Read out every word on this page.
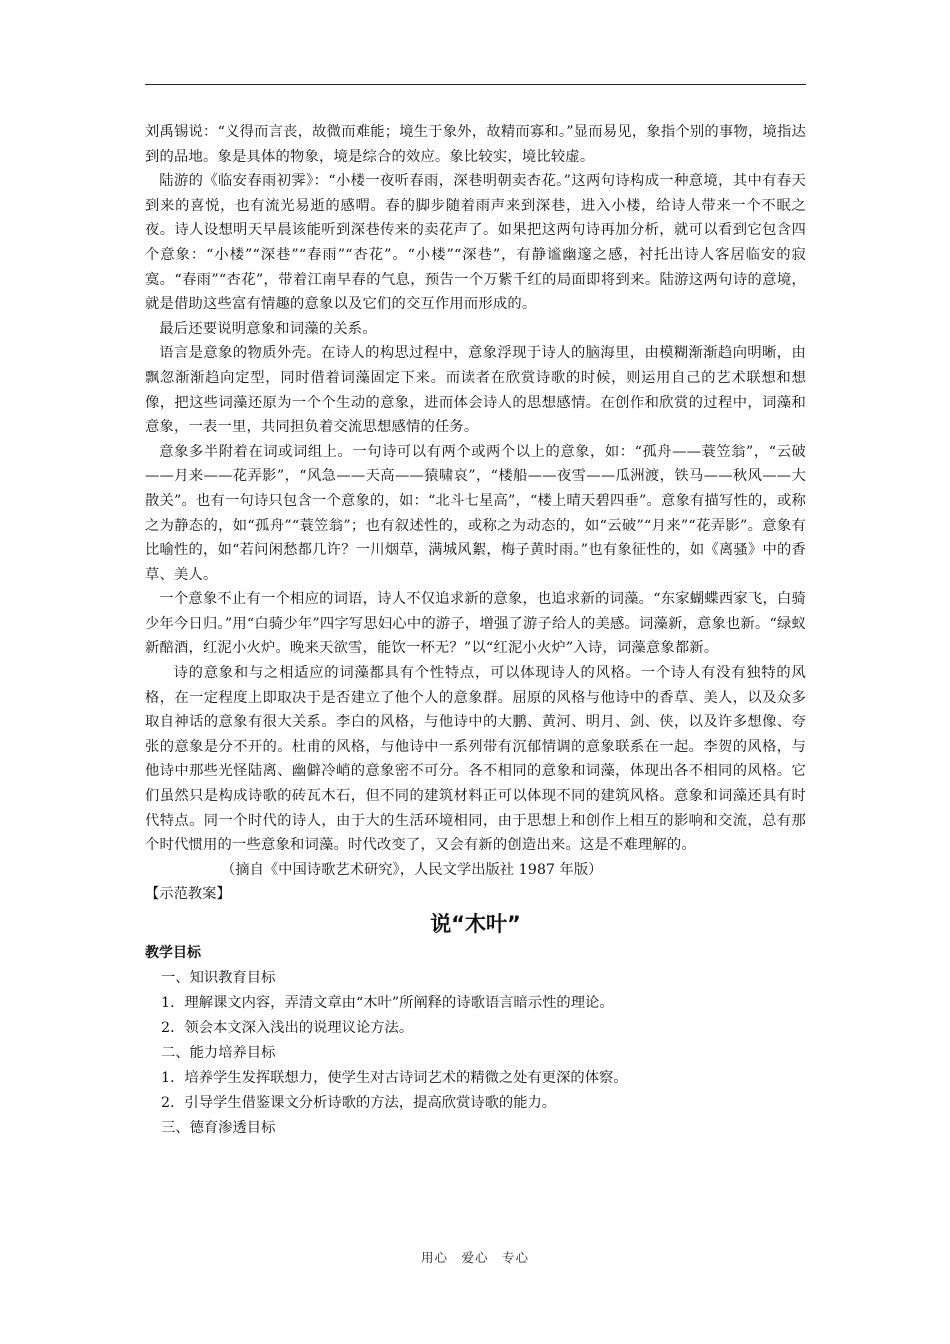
刘禹锡说：“义得而言丧，故微而难能；境生于象外，故精而寡和。”显而易见，象指个别的事物，境指达到的品地。象是具体的物象，境是综合的效应。象比较实，境比较虚。

陆游的《临安春雨初霁》：“小楼一夜听春雨，深巷明朝卖杏花。”这两句诗构成一种意境，其中有春天到来的喜悦，也有流光易逝的感喟。春的脚步随着雨声来到深巷，进入小楼，给诗人带来一个不眠之夜。诗人设想明天早晨该能听到深巷传来的卖花声了。如果把这两句诗再加分析，就可以看到它包含四个意象：“小楼”“深巷”“春雨”“杏花”。“小楼”“深巷”，有静谧幽邃之感，衬托出诗人客居临安的寂寞。“春雨”“杏花”，带着江南早春的气息，预告一个万紫千红的局面即将到来。陆游这两句诗的意境，就是借助这些富有情趣的意象以及它们的交互作用而形成的。

最后还要说明意象和词藻的关系。

语言是意象的物质外壳。在诗人的构思过程中，意象浮现于诗人的脑海里，由模糊渐渐趋向明晰，由飘忽渐渐趋向定型，同时借着词藻固定下来。而读者在欣赏诗歌的时候，则运用自己的艺术联想和想像，把这些词藻还原为一个个生动的意象，进而体会诗人的思想感情。在创作和欣赏的过程中，词藻和意象，一表一里，共同担负着交流思想感情的任务。

意象多半附着在词或词组上。一句诗可以有两个或两个以上的意象，如：“孤舟——蓑笠翁”，“云破——月来——花弄影”，“风急——天高——猿啸哀”，“楼船——夜雪——瓜洲渡，铁马——秋风——大散关”。也有一句诗只包含一个意象的，如：“北斗七星高”，“楼上晴天碧四垂”。意象有描写性的，或称之为静态的，如“孤舟”“蓑笠翁”；也有叙述性的，或称之为动态的，如“云破”“月来”“花弄影”。意象有比喻性的，如“若问闲愁都几许？一川烟草，满城风絮，梅子黄时雨。”也有象征性的，如《离骚》中的香草、美人。

一个意象不止有一个相应的词语，诗人不仅追求新的意象，也追求新的词藻。“东家蝴蝶西家飞，白骑少年今日归。”用“白骑少年”四字写思妇心中的游子，增强了游子给人的美感。词藻新，意象也新。“绿蚁新醅酒，红泥小火炉。晚来天欲雪，能饮一杯无？”以“红泥小火炉”入诗，词藻意象都新。

诗的意象和与之相适应的词藻都具有个性特点，可以体现诗人的风格。一个诗人有没有独特的风格，在一定程度上即取决于是否建立了他个人的意象群。屈原的风格与他诗中的香草、美人，以及众多取自神话的意象有很大关系。李白的风格，与他诗中的大鹏、黄河、明月、剑、侠，以及许多想像、夸张的意象是分不开的。杜甫的风格，与他诗中一系列带有沉郁情调的意象联系在一起。李贺的风格，与他诗中那些光怪陆离、幽僻冷峭的意象密不可分。各不相同的意象和词藻，体现出各不相同的风格。它们虽然只是构成诗歌的砖瓦木石，但不同的建筑材料正可以体现不同的建筑风格。意象和词藻还具有时代特点。同一个时代的诗人，由于大的生活环境相同，由于思想上和创作上相互的影响和交流，总有那个时代惯用的一些意象和词藻。时代改变了，又会有新的创造出来。这是不难理解的。

（摘自《中国诗歌艺术研究》，人民文学出版社 1987 年版）

【示范教案】

说“木叶”

教学目标

一、知识教育目标

1．理解课文内容，弄清文章由“木叶”所阐释的诗歌语言暗示性的理论。

2．领会本文深入浅出的说理议论方法。

二、能力培养目标

1．培养学生发挥联想力，使学生对古诗词艺术的精微之处有更深的体察。

2．引导学生借鉴课文分析诗歌的方法，提高欣赏诗歌的能力。

三、德育渗透目标

用心　爱心　专心
